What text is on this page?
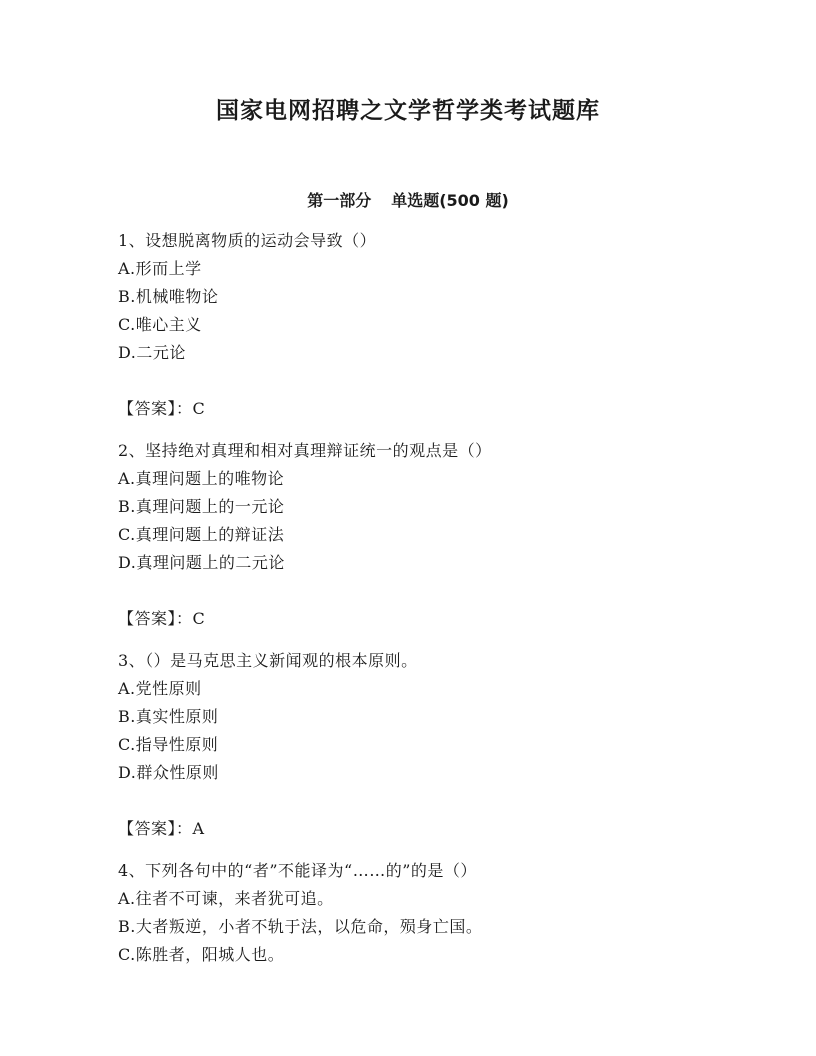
国家电网招聘之文学哲学类考试题库
第一部分 单选题(500 题)
1、设想脱离物质的运动会导致（）
A.形而上学
B.机械唯物论
C.唯心主义
D.二元论
【答案】：C
2、坚持绝对真理和相对真理辩证统一的观点是（）
A.真理问题上的唯物论
B.真理问题上的一元论
C.真理问题上的辩证法
D.真理问题上的二元论
【答案】：C
3、（）是马克思主义新闻观的根本原则。
A.党性原则
B.真实性原则
C.指导性原则
D.群众性原则
【答案】：A
4、下列各句中的“者”不能译为“……的”的是（）
A.往者不可谏，来者犹可追。
B.大者叛逆，小者不轨于法，以危命，殒身亡国。
C.陈胜者，阳城人也。
